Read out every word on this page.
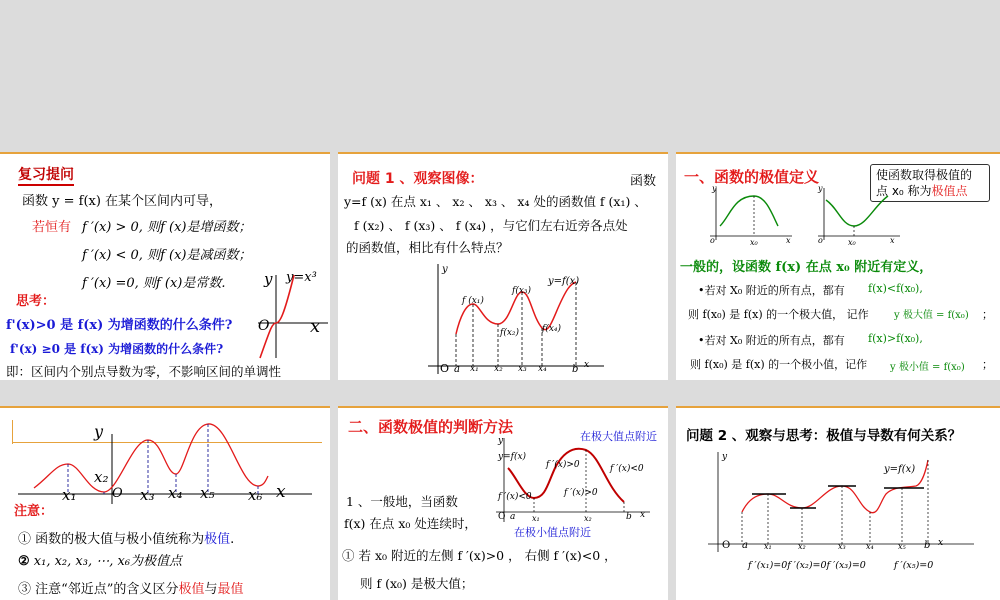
复习提问
函数 y = f(x) 在某个区间内可导，
若恒有 f ′(x) > 0, 则f (x)是增函数；
f ′(x) < 0, 则f (x)是减函数；
f ′(x) =0, 则f (x)是常数.
思考：
f'(x)>0 是 f(x) 为增函数的什么条件?
f'(x) ≥0 是 f(x) 为增函数的什么条件?
即：区间内个别点导数为零，不影响区间的单调性
y
x
O
y=x³
问题 1 、观察图像：	函数
y=f (x) 在点 x₁ 、 x₂ 、 x₃ 、 x₄ 处的函数值 f (x₁) 、
f (x₂) 、 f (x₃) 、 f (x₄) ，与它们左右近旁各点处
的函数值，相比有什么特点？
y
O a x₁ x₂ x₃ x₄	b x
f (x₁)
f(x₂)
f(x₃)
f(x₄)
y=f(x)
一、函数的极值定义	使函数取得极值的
点 x₀ 称为极值点
y
o	x₀	x
y
o	x₀	x
一般的，设函数 f(x) 在点 x₀ 附近有定义，
•若对 X₀ 附近的所有点，都有 f(x)<f(x₀),
则 f(x₀) 是 f(x) 的一个极大值， 记作	y 极大值 = f(x₀) ；
•若对 X₀ 附近的所有点，都有 f(x)>f(x₀),
则 f(x₀) 是 f(x) 的一个极小值，记作 y 极小值 = f(x₀) ；
y
x₁
x₂
O x₃ x₄ x₅ x₆ x
注意：
① 函数的极大值与极小值统称为极值.
② x₁, x₂, x₃, ⋯, x₆为极值点
③ 注意“邻近点”的含义区分极值与最值
二、函数极值的判断方法
在极大值点附近
y
y=f(x)
f ′(x)>0	f ′(x)<0
f ′(x)<0	f ′(x)>0
O a x₁	x₂	b x
在极小值点附近
1 、一般地，当函数
f(x) 在点 x₀ 处连续时，
① 若 x₀ 附近的左侧 f ′(x)>0 ， 右侧 f ′(x)<0 ，
则 f (x₀) 是极大值；
问题 2 、观察与思考：极值与导数有何关系？
y
y=f(x)
O a x₁	x₂	x₃	x₄	x₅ b x
f ′(x₁)=0f ′(x₂)=0f ′(x₃)=0	f ′(x₅)=0
